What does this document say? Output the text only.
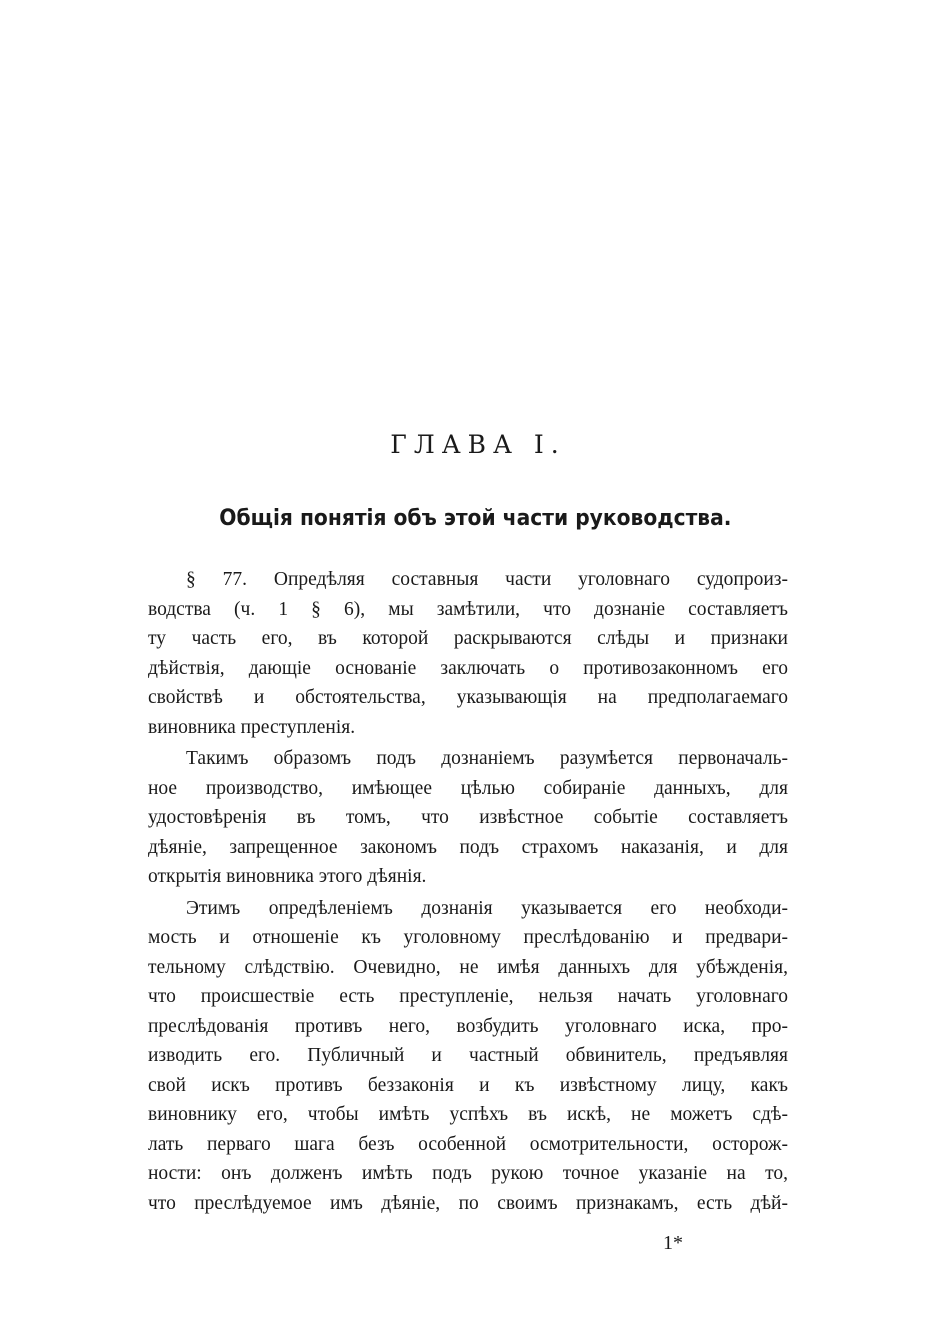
ГЛАВА I.
Общія понятія объ этой части руководства.
§ 77. Опредѣляя составныя части уголовнаго судопроиз-
водства (ч. 1 § 6), мы замѣтили, что дознаніе составляетъ
ту часть его, въ которой раскрываются слѣды и признаки
дѣйствія, дающіе основаніе заключать о противозаконномъ его
свойствѣ и обстоятельства, указывающія на предполагаемаго
виновника преступленія.
Такимъ образомъ подъ дознаніемъ разумѣется первоначаль-
ное производство, имѣющее цѣлью собираніе данныхъ, для
удостовѣренія въ томъ, что извѣстное событіе составляетъ
дѣяніе, запрещенное закономъ подъ страхомъ наказанія, и для
открытія виновника этого дѣянія.
Этимъ опредѣленіемъ дознанія указывается его необходи-
мость и отношеніе къ уголовному преслѣдованію и предвари-
тельному слѣдствію. Очевидно, не имѣя данныхъ для убѣжденія,
что происшествіе есть преступленіе, нельзя начать уголовнаго
преслѣдованія противъ него, возбудить уголовнаго иска, про-
изводить его. Публичный и частный обвинитель, предъявляя
свой искъ противъ беззаконія и къ извѣстному лицу, какъ
виновнику его, чтобы имѣть успѣхъ въ искѣ, не можетъ сдѣ-
лать перваго шага безъ особенной осмотрительности, осторож-
ности: онъ долженъ имѣть подъ рукою точное указаніе на то,
что преслѣдуемое имъ дѣяніе, по своимъ признакамъ, есть дѣй-
1*
